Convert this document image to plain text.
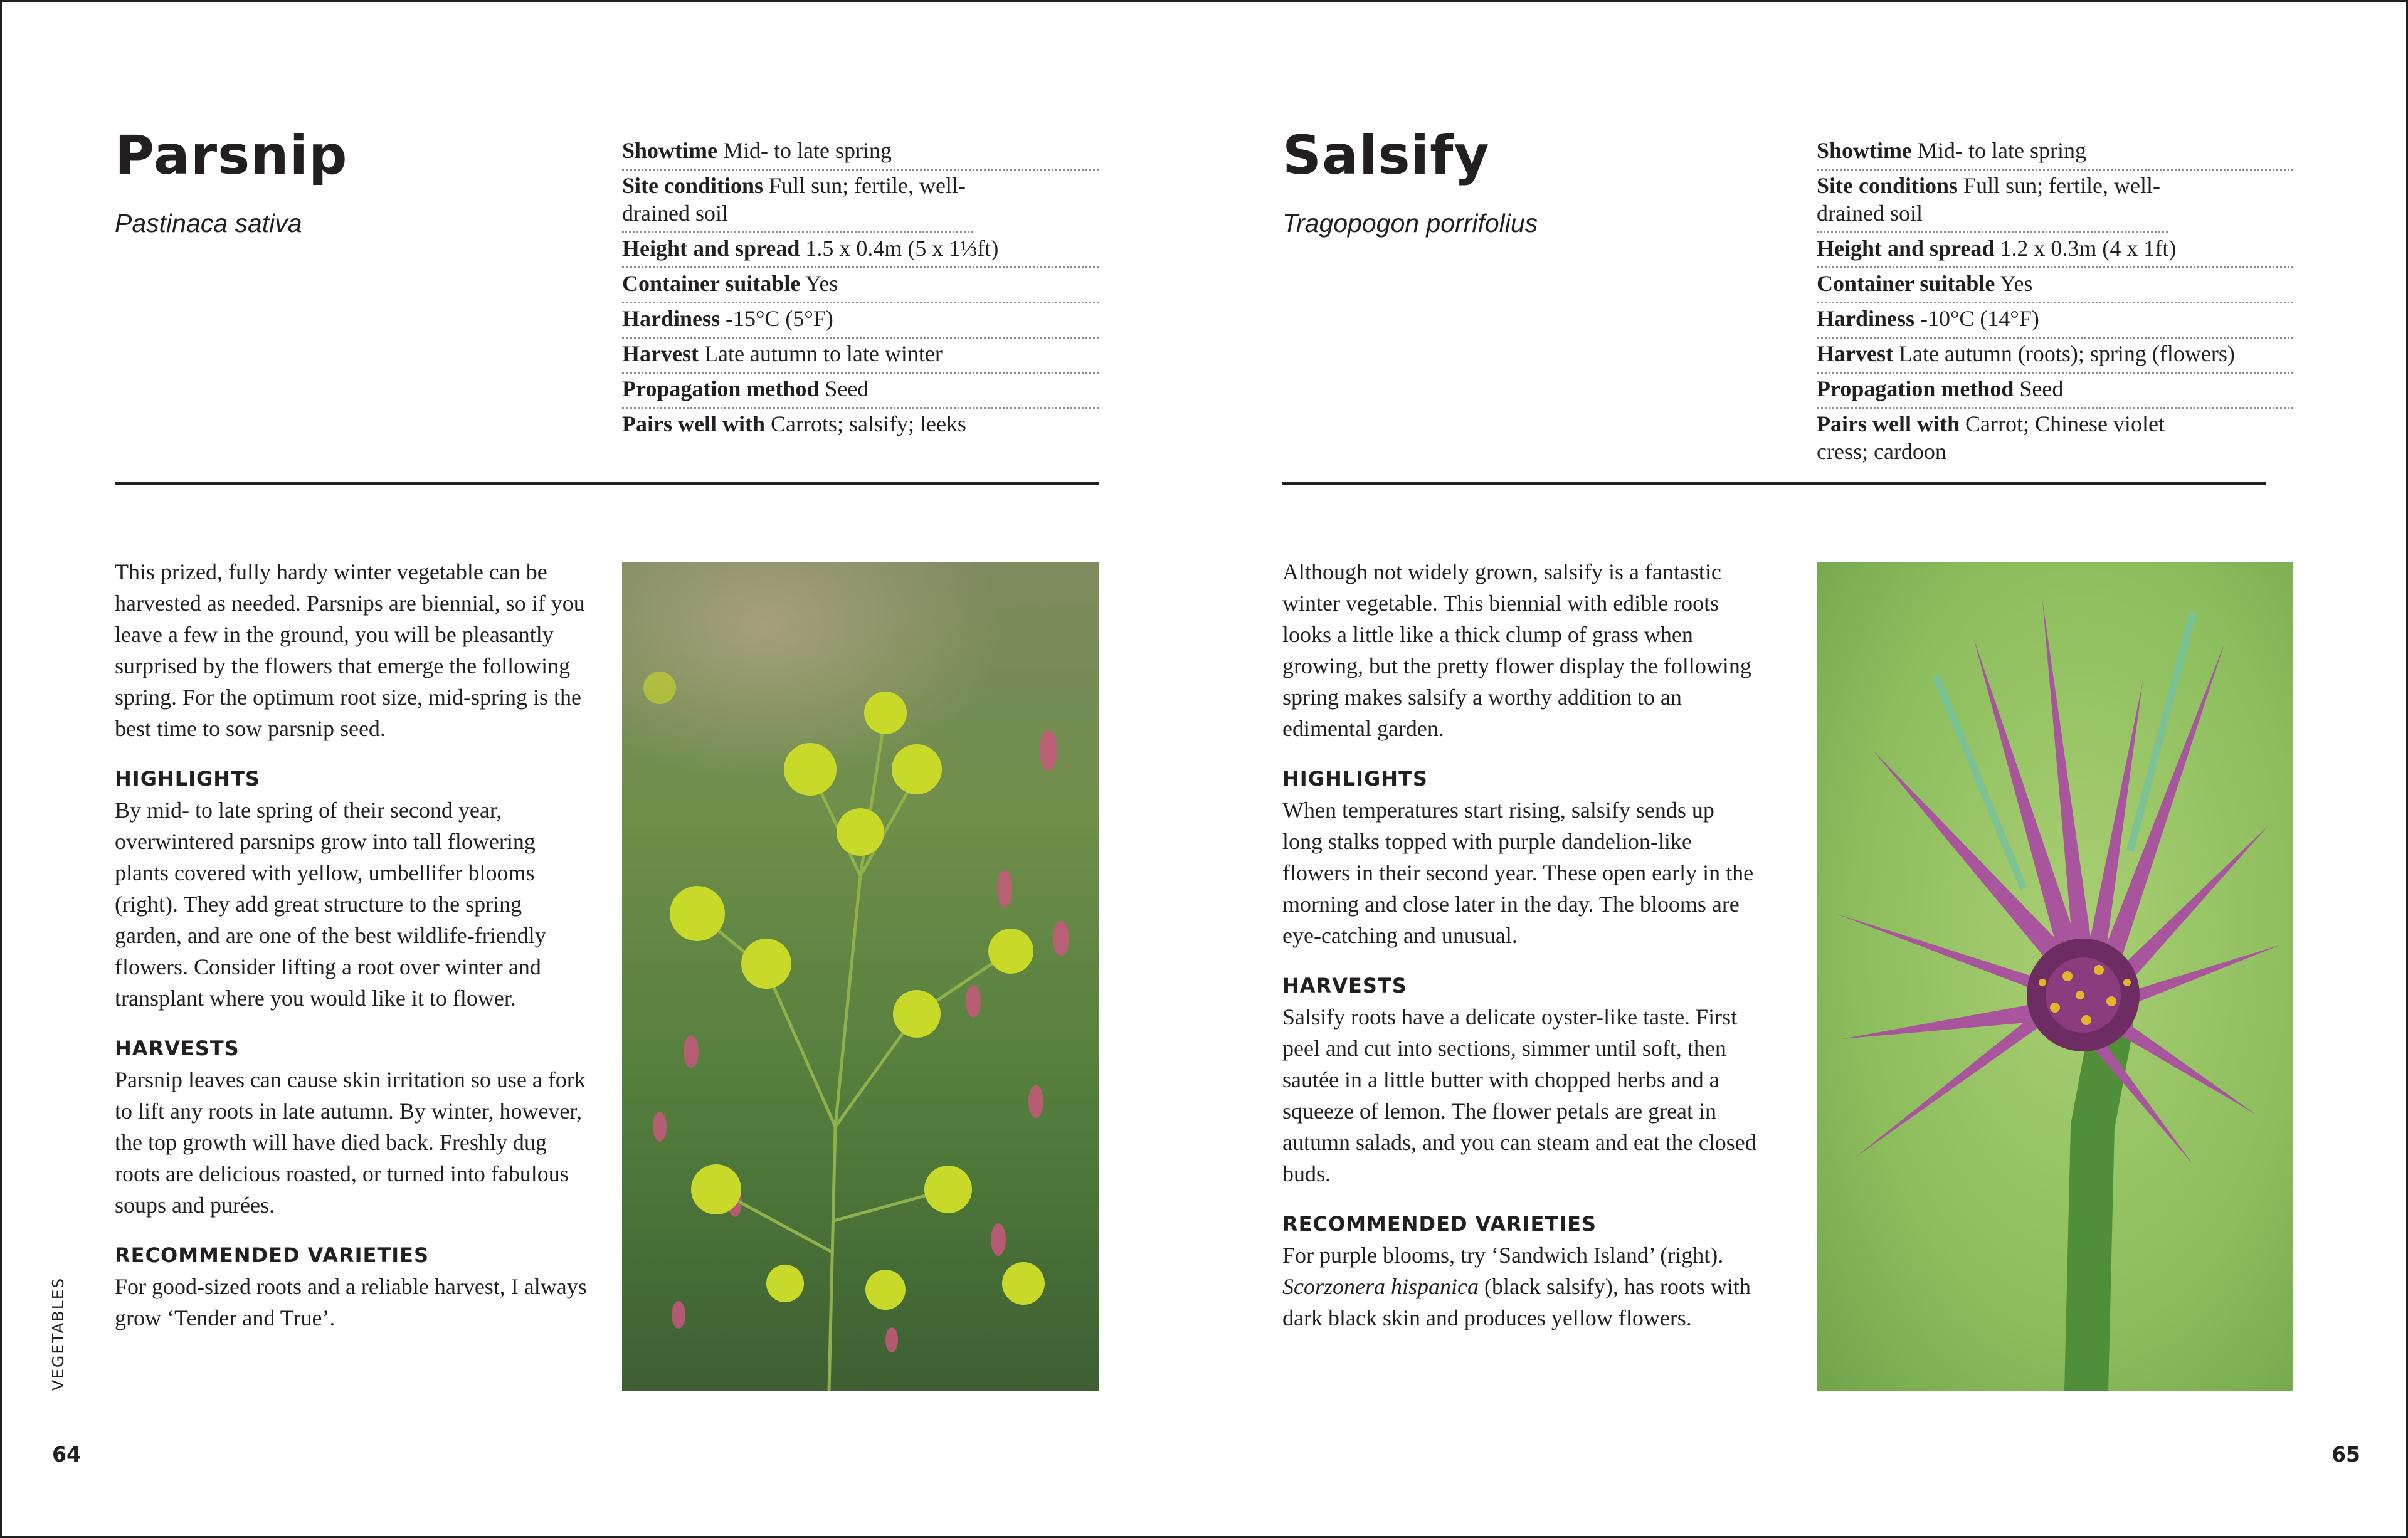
Parsnip
Pastinaca sativa
Showtime Mid- to late spring
Site conditions Full sun; fertile, well-drained soil
Height and spread 1.5 x 0.4m (5 x 1⅓ft)
Container suitable Yes
Hardiness -15°C (5°F)
Harvest Late autumn to late winter
Propagation method Seed
Pairs well with Carrots; salsify; leeks

This prized, fully hardy winter vegetable can be harvested as needed. Parsnips are biennial, so if you leave a few in the ground, you will be pleasantly surprised by the flowers that emerge the following spring. For the optimum root size, mid-spring is the best time to sow parsnip seed.

HIGHLIGHTS

By mid- to late spring of their second year, overwintered parsnips grow into tall flowering plants covered with yellow, umbellifer blooms (right). They add great structure to the spring garden, and are one of the best wildlife-friendly flowers. Consider lifting a root over winter and transplant where you would like it to flower.

HARVESTS

Parsnip leaves can cause skin irritation so use a fork to lift any roots in late autumn. By winter, however, the top growth will have died back. Freshly dug roots are delicious roasted, or turned into fabulous soups and purées.

RECOMMENDED VARIETIES

For good-sized roots and a reliable harvest, I always grow ‘Tender and True’.

VEGETABLES
64
Salsify
Tragopogon porrifolius
Showtime Mid- to late spring
Site conditions Full sun; fertile, well-drained soil
Height and spread 1.2 x 0.3m (4 x 1ft)
Container suitable Yes
Hardiness -10°C (14°F)
Harvest Late autumn (roots); spring (flowers)
Propagation method Seed
Pairs well with Carrot; Chinese violet cress; cardoon

Although not widely grown, salsify is a fantastic winter vegetable. This biennial with edible roots looks a little like a thick clump of grass when growing, but the pretty flower display the following spring makes salsify a worthy addition to an edimental garden.

HIGHLIGHTS

When temperatures start rising, salsify sends up long stalks topped with purple dandelion-like flowers in their second year. These open early in the morning and close later in the day. The blooms are eye-catching and unusual.

HARVESTS

Salsify roots have a delicate oyster-like taste. First peel and cut into sections, simmer until soft, then sautée in a little butter with chopped herbs and a squeeze of lemon. The flower petals are great in autumn salads, and you can steam and eat the closed buds.

RECOMMENDED VARIETIES

For purple blooms, try ‘Sandwich Island’ (right). Scorzonera hispanica (black salsify), has roots with dark black skin and produces yellow flowers.

65
